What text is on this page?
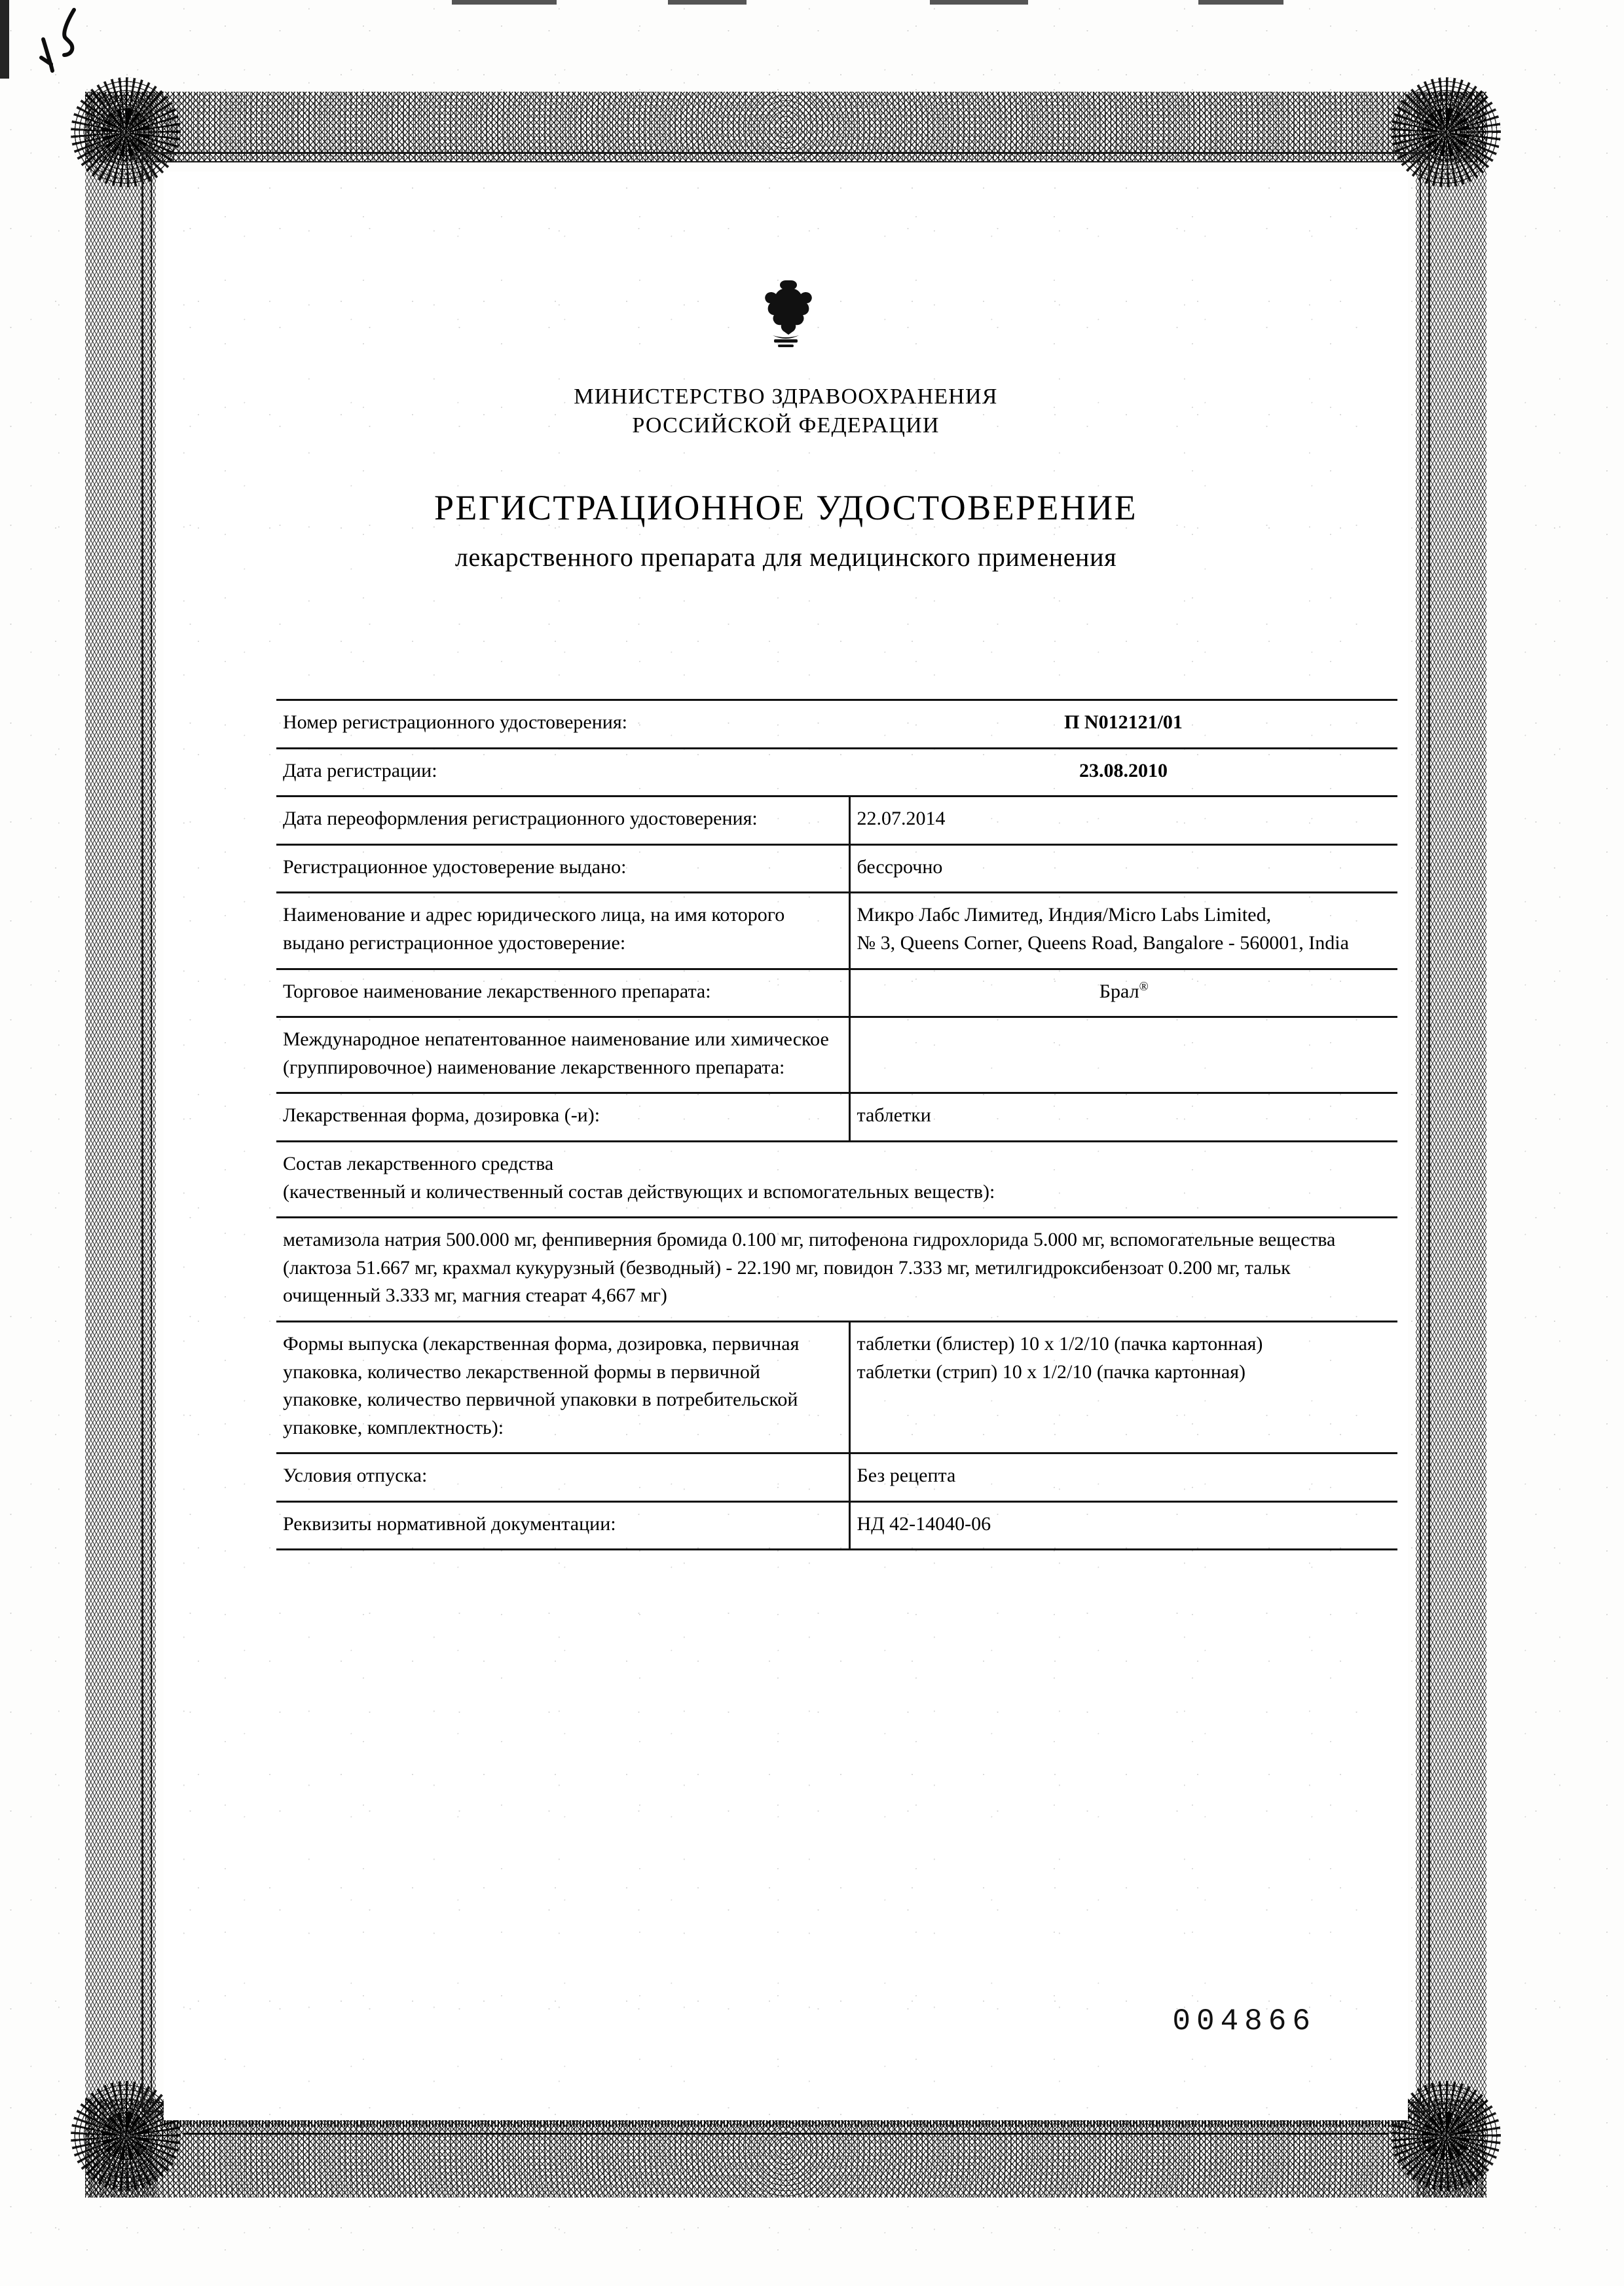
МИНИСТЕРСТВО ЗДРАВООХРАНЕНИЯ
РОССИЙСКОЙ ФЕДЕРАЦИИ
РЕГИСТРАЦИОННОЕ УДОСТОВЕРЕНИЕ
лекарственного препарата для медицинского применения
Номер регистрационного удостоверения:	П N012121/01
Дата регистрации:	23.08.2010
Дата переоформления регистрационного удостоверения:	22.07.2014
Регистрационное удостоверение выдано:	бессрочно
Наименование и адрес юридического лица, на имя которого выдано регистрационное удостоверение:	Микро Лабс Лимитед, Индия/Micro Labs Limited,
№ 3, Queens Corner, Queens Road, Bangalore - 560001, India
Торговое наименование лекарственного препарата:	Брал®
Международное непатентованное наименование или химическое (группировочное) наименование лекарственного препарата:	
Лекарственная форма, дозировка (-и):	таблетки
Состав лекарственного средства
(качественный и количественный состав действующих и вспомогательных веществ):	
метамизола натрия 500.000 мг, фенпиверния бромида 0.100 мг, питофенона гидрохлорида 5.000 мг, вспомогательные вещества (лактоза 51.667 мг, крахмал кукурузный (безводный) - 22.190 мг, повидон 7.333 мг, метилгидроксибензоат 0.200 мг, тальк очищенный 3.333 мг, магния стеарат 4,667 мг)	
Формы выпуска (лекарственная форма, дозировка, первичная упаковка, количество лекарственной формы в первичной упаковке, количество первичной упаковки в потребительской упаковке, комплектность):	таблетки (блистер) 10 x 1/2/10 (пачка картонная)
таблетки (стрип) 10 x 1/2/10 (пачка картонная)
Условия отпуска:	Без рецепта
Реквизиты нормативной документации:	НД 42-14040-06
004866
